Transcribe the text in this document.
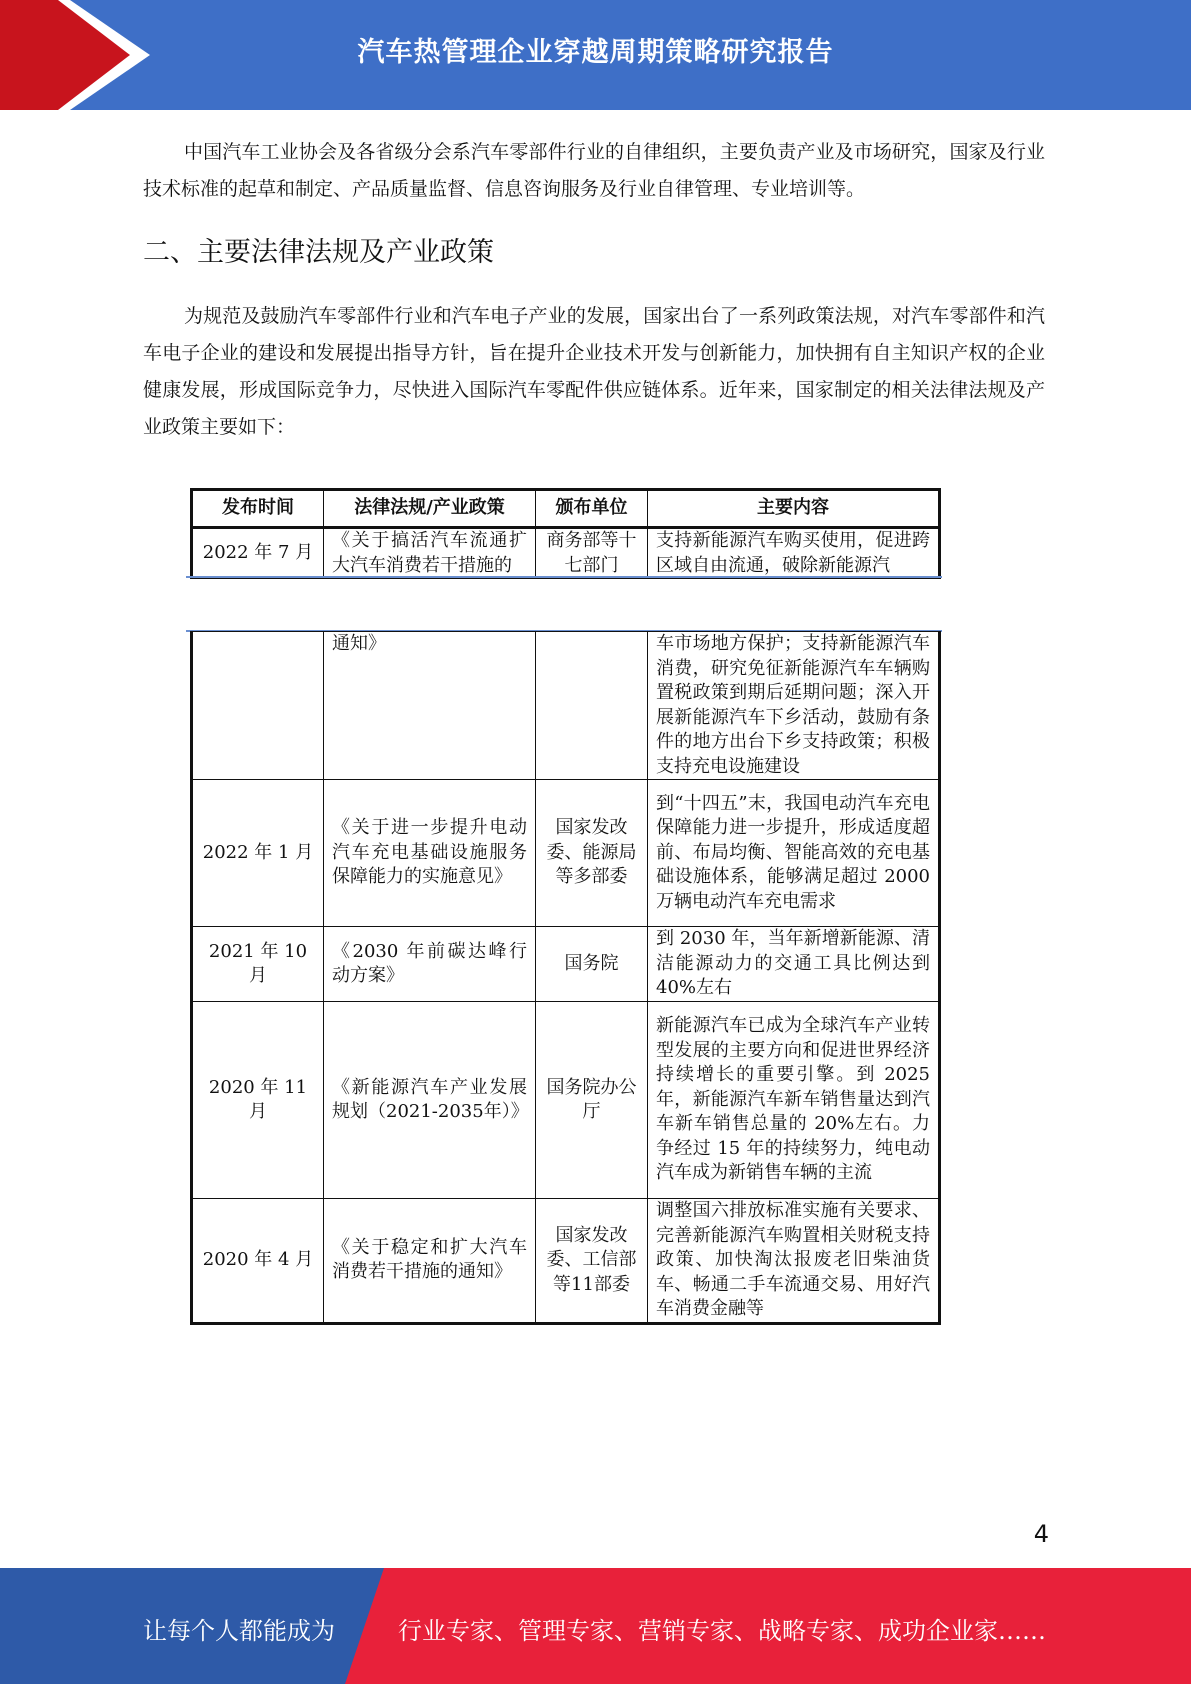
汽车热管理企业穿越周期策略研究报告

中国汽车工业协会及各省级分会系汽车零部件行业的自律组织，主要负责产业及市场研究，国家及行业技术标准的起草和制定、产品质量监督、信息咨询服务及行业自律管理、专业培训等。

二、主要法律法规及产业政策

为规范及鼓励汽车零部件行业和汽车电子产业的发展，国家出台了一系列政策法规，对汽车零部件和汽车电子企业的建设和发展提出指导方针，旨在提升企业技术开发与创新能力，加快拥有自主知识产权的企业健康发展，形成国际竞争力，尽快进入国际汽车零配件供应链体系。近年来，国家制定的相关法律法规及产业政策主要如下：

发布时间	法律法规/产业政策	颁布单位	主要内容
2022 年 7 月	《关于搞活汽车流通扩大汽车消费若干措施的	商务部等十七部门	支持新能源汽车购买使用，促进跨区域自由流通，破除新能源汽
	通知》		车市场地方保护；支持新能源汽车消费，研究免征新能源汽车车辆购置税政策到期后延期问题；深入开展新能源汽车下乡活动，鼓励有条件的地方出台下乡支持政策；积极支持充电设施建设
2022 年 1 月	《关于进一步提升电动汽车充电基础设施服务保障能力的实施意见》	国家发改委、能源局等多部委	到“十四五”末，我国电动汽车充电保障能力进一步提升，形成适度超前、布局均衡、智能高效的充电基础设施体系，能够满足超过 2000 万辆电动汽车充电需求
2021 年 10 月	《2030 年前碳达峰行动方案》	国务院	到 2030 年，当年新增新能源、清洁能源动力的交通工具比例达到 40%左右
2020 年 11 月	《新能源汽车产业发展规划（2021-2035年）》	国务院办公厅	新能源汽车已成为全球汽车产业转型发展的主要方向和促进世界经济持续增长的重要引擎。到 2025 年，新能源汽车新车销售量达到汽车新车销售总量的 20%左右。力争经过 15 年的持续努力，纯电动汽车成为新销售车辆的主流
2020 年 4 月	《关于稳定和扩大汽车消费若干措施的通知》	国家发改委、工信部等11部委	调整国六排放标准实施有关要求、完善新能源汽车购置相关财税支持政策、加快淘汰报废老旧柴油货车、畅通二手车流通交易、用好汽车消费金融等
4
让每个人都能成为	行业专家、管理专家、营销专家、战略专家、成功企业家……
